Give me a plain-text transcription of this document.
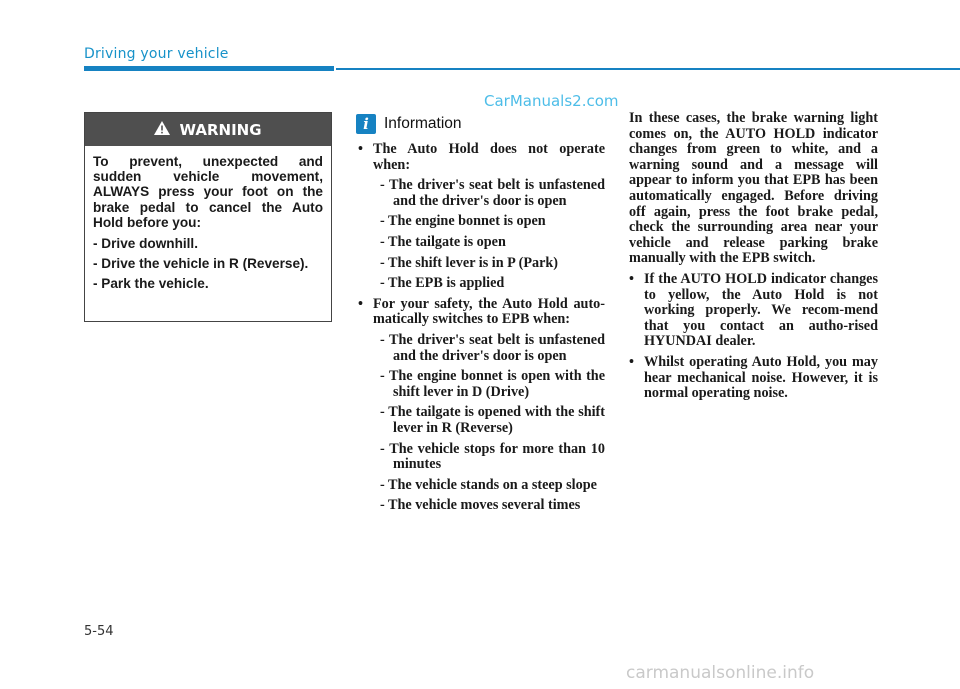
Driving your vehicle
CarManuals2.com
WARNING

To prevent, unexpected and sudden vehicle movement, ALWAYS press your foot on the brake pedal to cancel the Auto Hold before you:

- Drive downhill.

- Drive the vehicle in R (Reverse).

- Park the vehicle.

i Information
• The Auto Hold does not operate when:
- The driver's seat belt is unfastened and the driver's door is open
- The engine bonnet is open
- The tailgate is open
- The shift lever is in P (Park)
- The EPB is applied
• For your safety, the Auto Hold auto-matically switches to EPB when:
- The driver's seat belt is unfastened and the driver's door is open
- The engine bonnet is open with the shift lever in D (Drive)
- The tailgate is opened with the shift lever in R (Reverse)
- The vehicle stops for more than 10 minutes
- The vehicle stands on a steep slope
- The vehicle moves several times
In these cases, the brake warning light comes on, the AUTO HOLD indicator changes from green to white, and a warning sound and a message will appear to inform you that EPB has been automatically engaged. Before driving off again, press the foot brake pedal, check the surrounding area near your vehicle and release parking brake manually with the EPB switch.
• If the AUTO HOLD indicator changes to yellow, the Auto Hold is not working properly. We recom-mend that you contact an autho-rised HYUNDAI dealer.
• Whilst operating Auto Hold, you may hear mechanical noise. However, it is normal operating noise.
5-54
carmanualsonline.info
